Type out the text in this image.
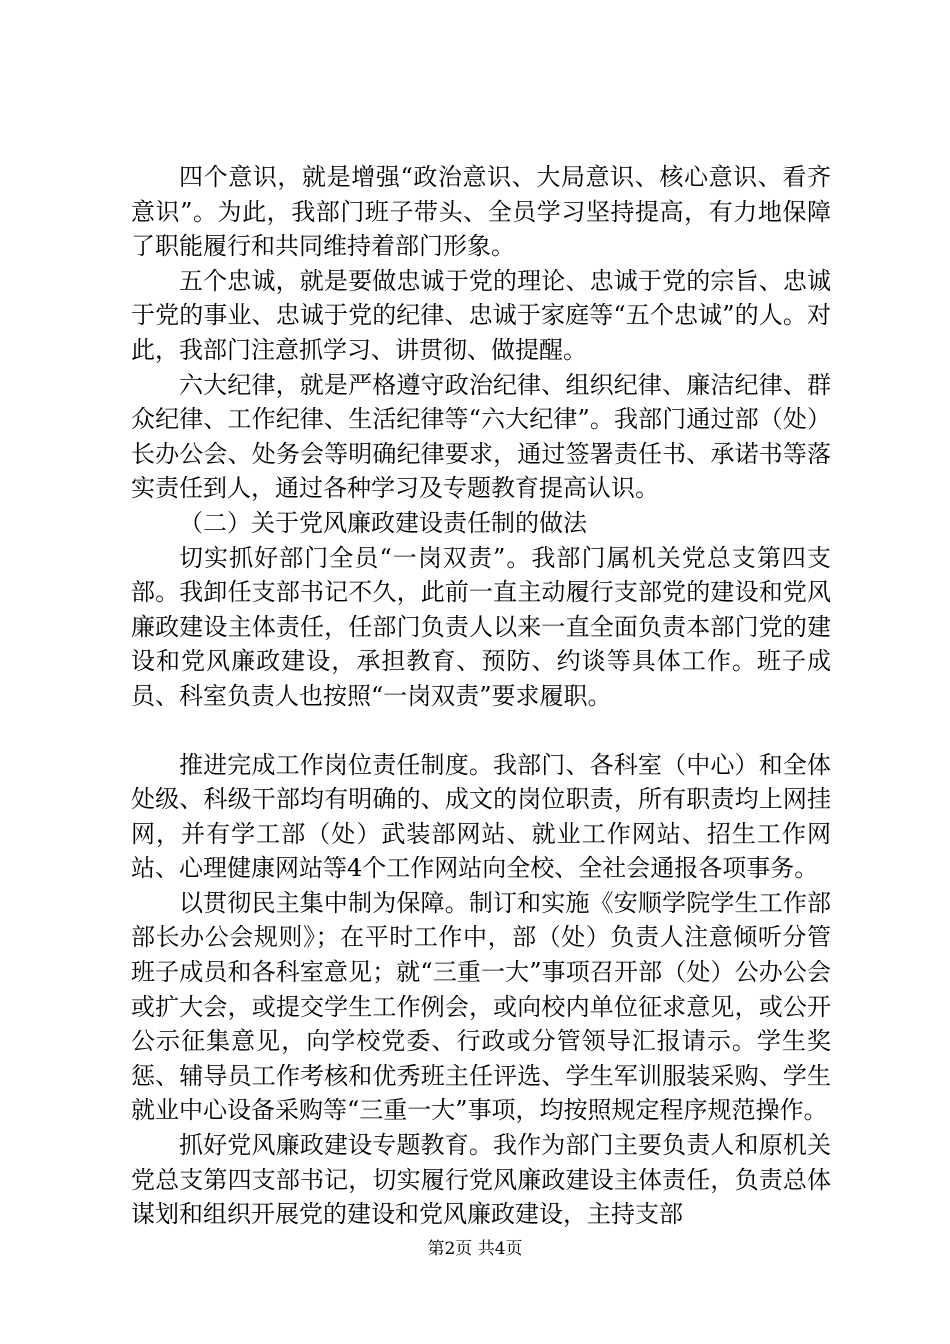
四个意识，就是增强“政治意识、大局意识、核心意识、看齐意识”。为此，我部门班子带头、全员学习坚持提高，有力地保障了职能履行和共同维持着部门形象。

五个忠诚，就是要做忠诚于党的理论、忠诚于党的宗旨、忠诚于党的事业、忠诚于党的纪律、忠诚于家庭等“五个忠诚”的人。对此，我部门注意抓学习、讲贯彻、做提醒。

六大纪律，就是严格遵守政治纪律、组织纪律、廉洁纪律、群众纪律、工作纪律、生活纪律等“六大纪律”。我部门通过部（处）长办公会、处务会等明确纪律要求，通过签署责任书、承诺书等落实责任到人，通过各种学习及专题教育提高认识。

（二）关于党风廉政建设责任制的做法

切实抓好部门全员“一岗双责”。我部门属机关党总支第四支部。我卸任支部书记不久，此前一直主动履行支部党的建设和党风廉政建设主体责任，任部门负责人以来一直全面负责本部门党的建设和党风廉政建设，承担教育、预防、约谈等具体工作。班子成员、科室负责人也按照“一岗双责”要求履职。

推进完成工作岗位责任制度。我部门、各科室（中心）和全体处级、科级干部均有明确的、成文的岗位职责，所有职责均上网挂网，并有学工部（处）武装部网站、就业工作网站、招生工作网站、心理健康网站等4个工作网站向全校、全社会通报各项事务。

以贯彻民主集中制为保障。制订和实施《安顺学院学生工作部部长办公会规则》；在平时工作中，部（处）负责人注意倾听分管班子成员和各科室意见；就“三重一大”事项召开部（处）公办公会或扩大会，或提交学生工作例会，或向校内单位征求意见，或公开公示征集意见，向学校党委、行政或分管领导汇报请示。学生奖惩、辅导员工作考核和优秀班主任评选、学生军训服装采购、学生就业中心设备采购等“三重一大”事项，均按照规定程序规范操作。

抓好党风廉政建设专题教育。我作为部门主要负责人和原机关党总支第四支部书记，切实履行党风廉政建设主体责任，负责总体谋划和组织开展党的建设和党风廉政建设，主持支部

第2页 共4页
